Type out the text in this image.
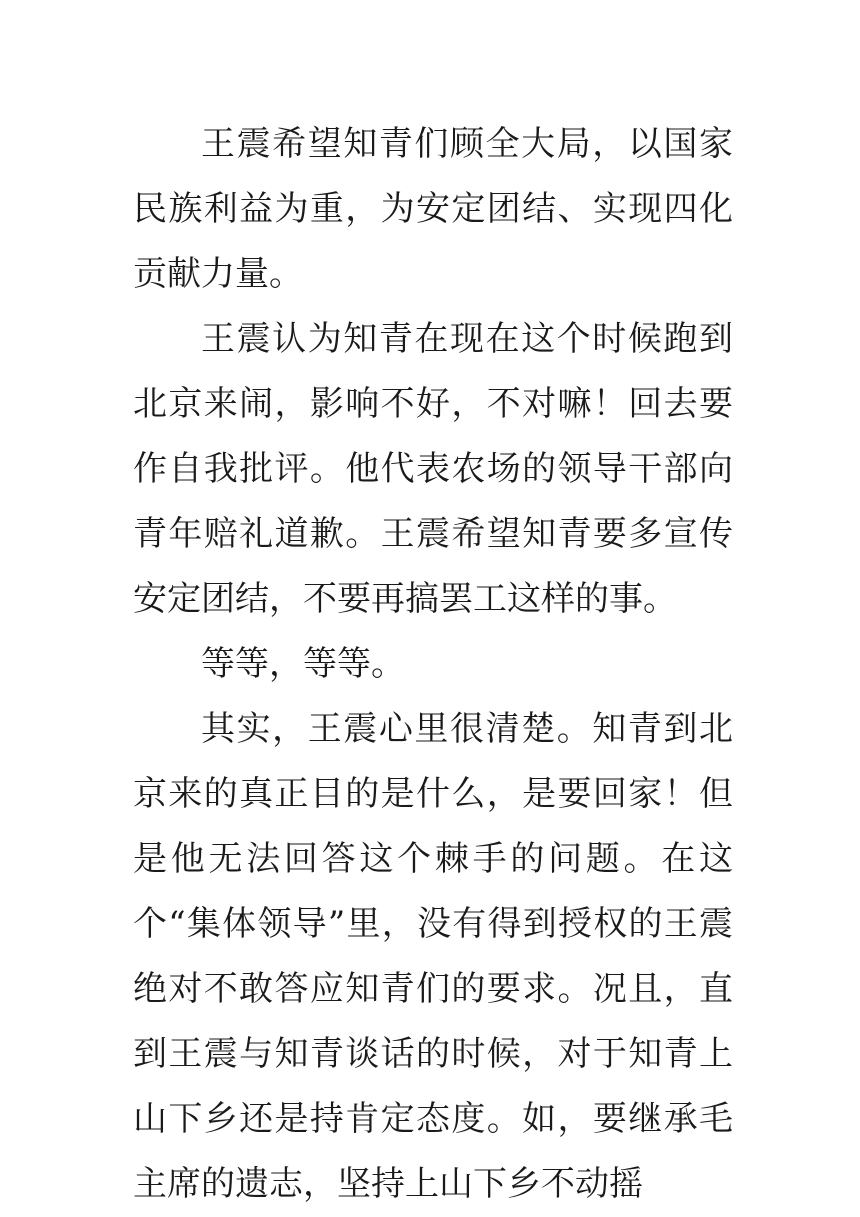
王震希望知青们顾全大局，以国家民族利益为重，为安定团结、实现四化贡献力量。

王震认为知青在现在这个时候跑到北京来闹，影响不好，不对嘛！回去要作自我批评。他代表农场的领导干部向青年赔礼道歉。王震希望知青要多宣传安定团结，不要再搞罢工这样的事。

等等，等等。

其实，王震心里很清楚。知青到北京来的真正目的是什么，是要回家！但是他无法回答这个棘手的问题。在这个“集体领导”里，没有得到授权的王震绝对不敢答应知青们的要求。况且，直到王震与知青谈话的时候，对于知青上山下乡还是持肯定态度。如，要继承毛主席的遗志，坚持上山下乡不动摇
